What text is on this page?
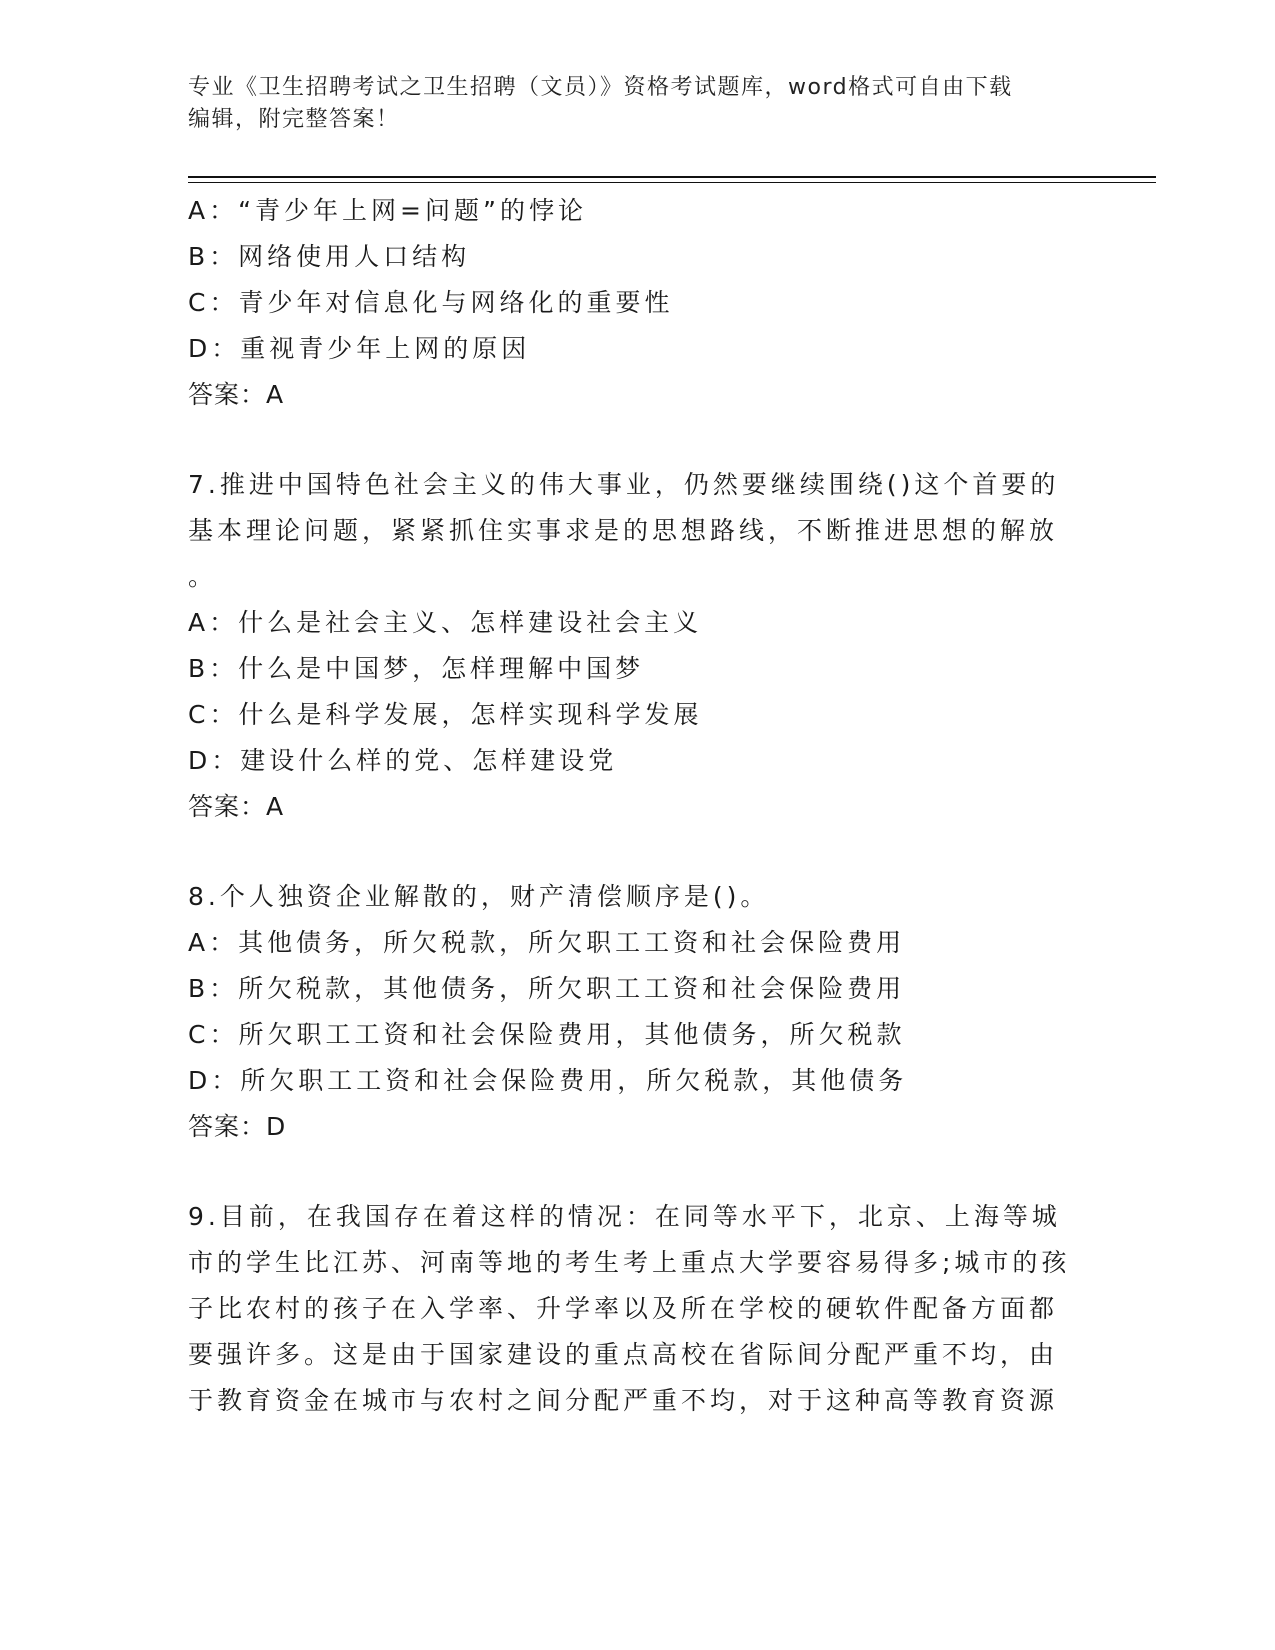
专业《卫生招聘考试之卫生招聘（文员）》资格考试题库，word格式可自由下载
编辑，附完整答案！
A：“青少年上网=问题”的悖论
B：网络使用人口结构
C：青少年对信息化与网络化的重要性
D：重视青少年上网的原因
答案：A
7.推进中国特色社会主义的伟大事业，仍然要继续围绕()这个首要的
基本理论问题，紧紧抓住实事求是的思想路线，不断推进思想的解放
。
A：什么是社会主义、怎样建设社会主义
B：什么是中国梦，怎样理解中国梦
C：什么是科学发展，怎样实现科学发展
D：建设什么样的党、怎样建设党
答案：A
8.个人独资企业解散的，财产清偿顺序是()。
A：其他债务，所欠税款，所欠职工工资和社会保险费用
B：所欠税款，其他债务，所欠职工工资和社会保险费用
C：所欠职工工资和社会保险费用，其他债务，所欠税款
D：所欠职工工资和社会保险费用，所欠税款，其他债务
答案：D
9.目前，在我国存在着这样的情况：在同等水平下，北京、上海等城
市的学生比江苏、河南等地的考生考上重点大学要容易得多;城市的孩
子比农村的孩子在入学率、升学率以及所在学校的硬软件配备方面都
要强许多。这是由于国家建设的重点高校在省际间分配严重不均，由
于教育资金在城市与农村之间分配严重不均，对于这种高等教育资源
